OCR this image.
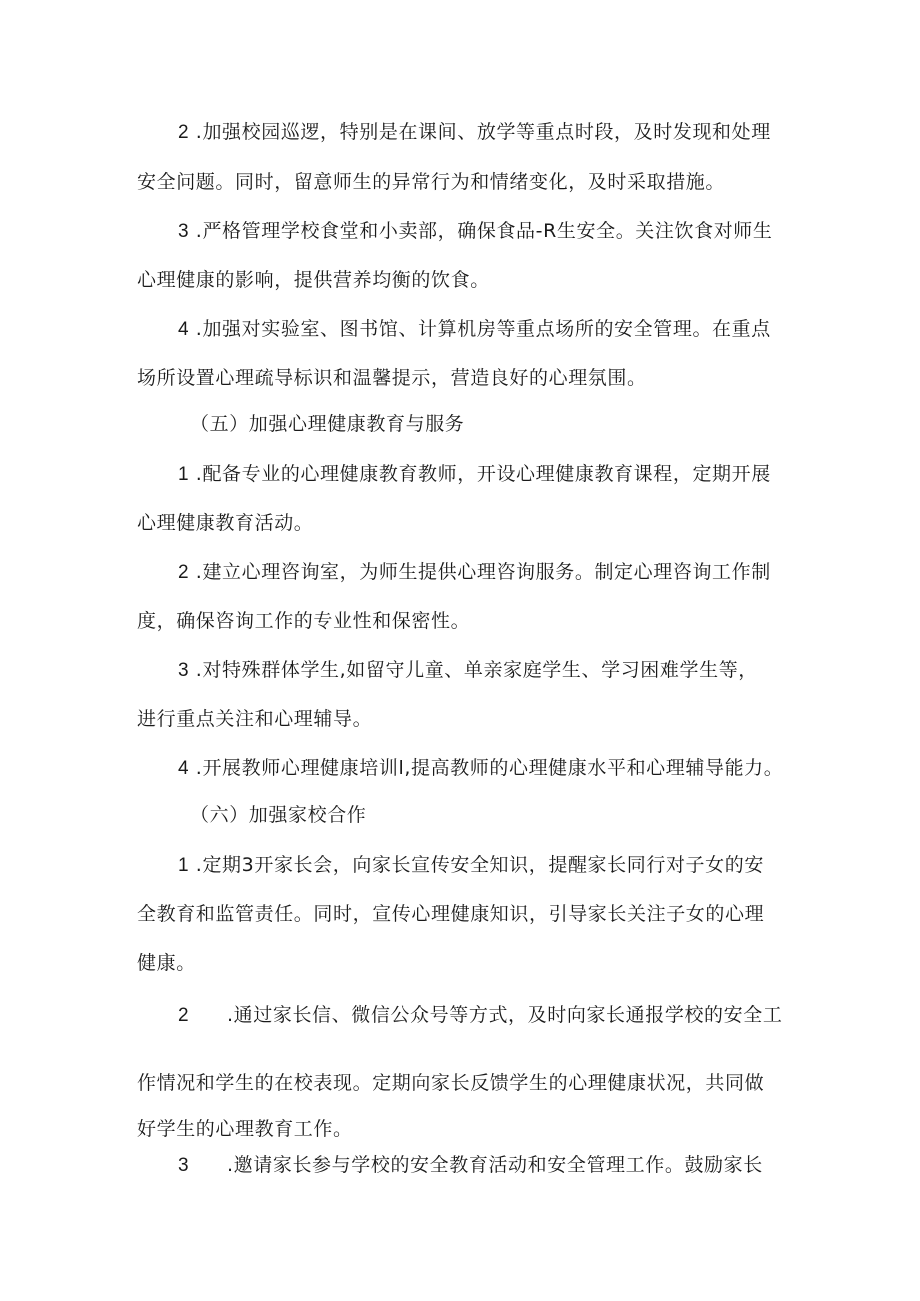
2 .加强校园巡逻，特别是在课间、放学等重点时段，及时发现和处理
安全问题。同时，留意师生的异常行为和情绪变化，及时采取措施。
3 .严格管理学校食堂和小卖部，确保食品-R生安全。关注饮食对师生
心理健康的影响，提供营养均衡的饮食。
4 .加强对实验室、图书馆、计算机房等重点场所的安全管理。在重点
场所设置心理疏导标识和温馨提示，营造良好的心理氛围。
（五）加强心理健康教育与服务
1 .配备专业的心理健康教育教师，开设心理健康教育课程，定期开展
心理健康教育活动。
2 .建立心理咨询室，为师生提供心理咨询服务。制定心理咨询工作制
度，确保咨询工作的专业性和保密性。
3 .对特殊群体学生,如留守儿童、单亲家庭学生、学习困难学生等，
进行重点关注和心理辅导。
4 .开展教师心理健康培训l,提高教师的心理健康水平和心理辅导能力。
（六）加强家校合作
1 .定期3开家长会，向家长宣传安全知识，提醒家长同行对子女的安
全教育和监管责任。同时，宣传心理健康知识，引导家长关注子女的心理
健康。
2 .通过家长信、微信公众号等方式，及时向家长通报学校的安全工
作情况和学生的在校表现。定期向家长反馈学生的心理健康状况，共同做
好学生的心理教育工作。
3 .邀请家长参与学校的安全教育活动和安全管理工作。鼓励家长
